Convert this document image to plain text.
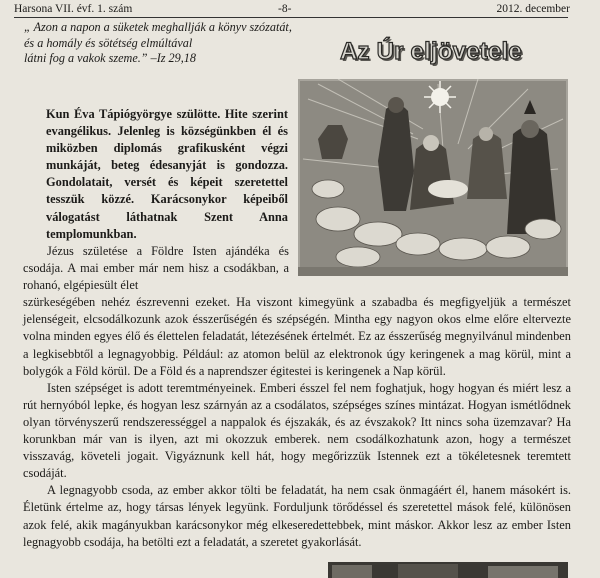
Harsona VII. évf. 1. szám	-8-	2012. december
„ Azon a napon a süketek meghallják a könyv szózatát,
és a homály és sötétség elmúltával
látni fog a vakok szeme.” –Iz 29,18	Az Úr eljövetele
Kun Éva Tápiógyörgye szülötte. Hite szerint evangélikus. Jelenleg is községünkben él és miközben diplomás grafikusként végzi munkáját, beteg édesanyját is gondozza. Gondolatait, versét és képeit szeretettel tesszük közzé. Karácsonykor képeiből válogatást láthatnak Szent Anna templomunkban.

Jézus születése a Földre Isten ajándéka és csodája. A mai ember már nem hisz a csodákban, a rohanó, elgépiesült élet

szürkeségében nehéz észrevenni ezeket. Ha viszont kimegyünk a szabadba és megfigyeljük a természet jelenségeit, elcsodálkozunk azok ésszerűségén és szépségén. Mintha egy nagyon okos elme előre eltervezte volna minden egyes élő és élettelen feladatát, létezésének értelmét. Ez az ésszerűség megnyilvánul mindenben a legkisebbtől a legnagyobbig. Például: az atomon belül az elektronok úgy keringenek a mag körül, mint a bolygók a Föld körül. De a Föld és a naprendszer égitestei is keringenek a Nap körül.

Isten szépséget is adott teremtményeinek. Emberi ésszel fel nem foghatjuk, hogy hogyan és miért lesz a rút hernyóból lepke, és hogyan lesz szárnyán az a csodálatos, szépséges színes mintázat. Hogyan ismétlődnek olyan törvényszerű rendszerességgel a nappalok és éjszakák, és az évszakok? Itt nincs soha üzemzavar? Ha korunkban már van is ilyen, azt mi okozzuk emberek. nem csodálkozhatunk azon, hogy a természet visszavág, követeli jogait. Vigyáznunk kell hát, hogy megőrizzük Istennek ezt a tökéletesnek teremtett csodáját.

A legnagyobb csoda, az ember akkor tölti be feladatát, ha nem csak önmagáért él, hanem másokért is. Életünk értelme az, hogy társas lények legyünk. Forduljunk törődéssel és szeretettel mások felé, különösen azok felé, akik magányukban karácsonykor még elkeseredettebbek, mint máskor. Akkor lesz az ember Isten legnagyobb csodája, ha betölti ezt a feladatát, a szeretet gyakorlását.
